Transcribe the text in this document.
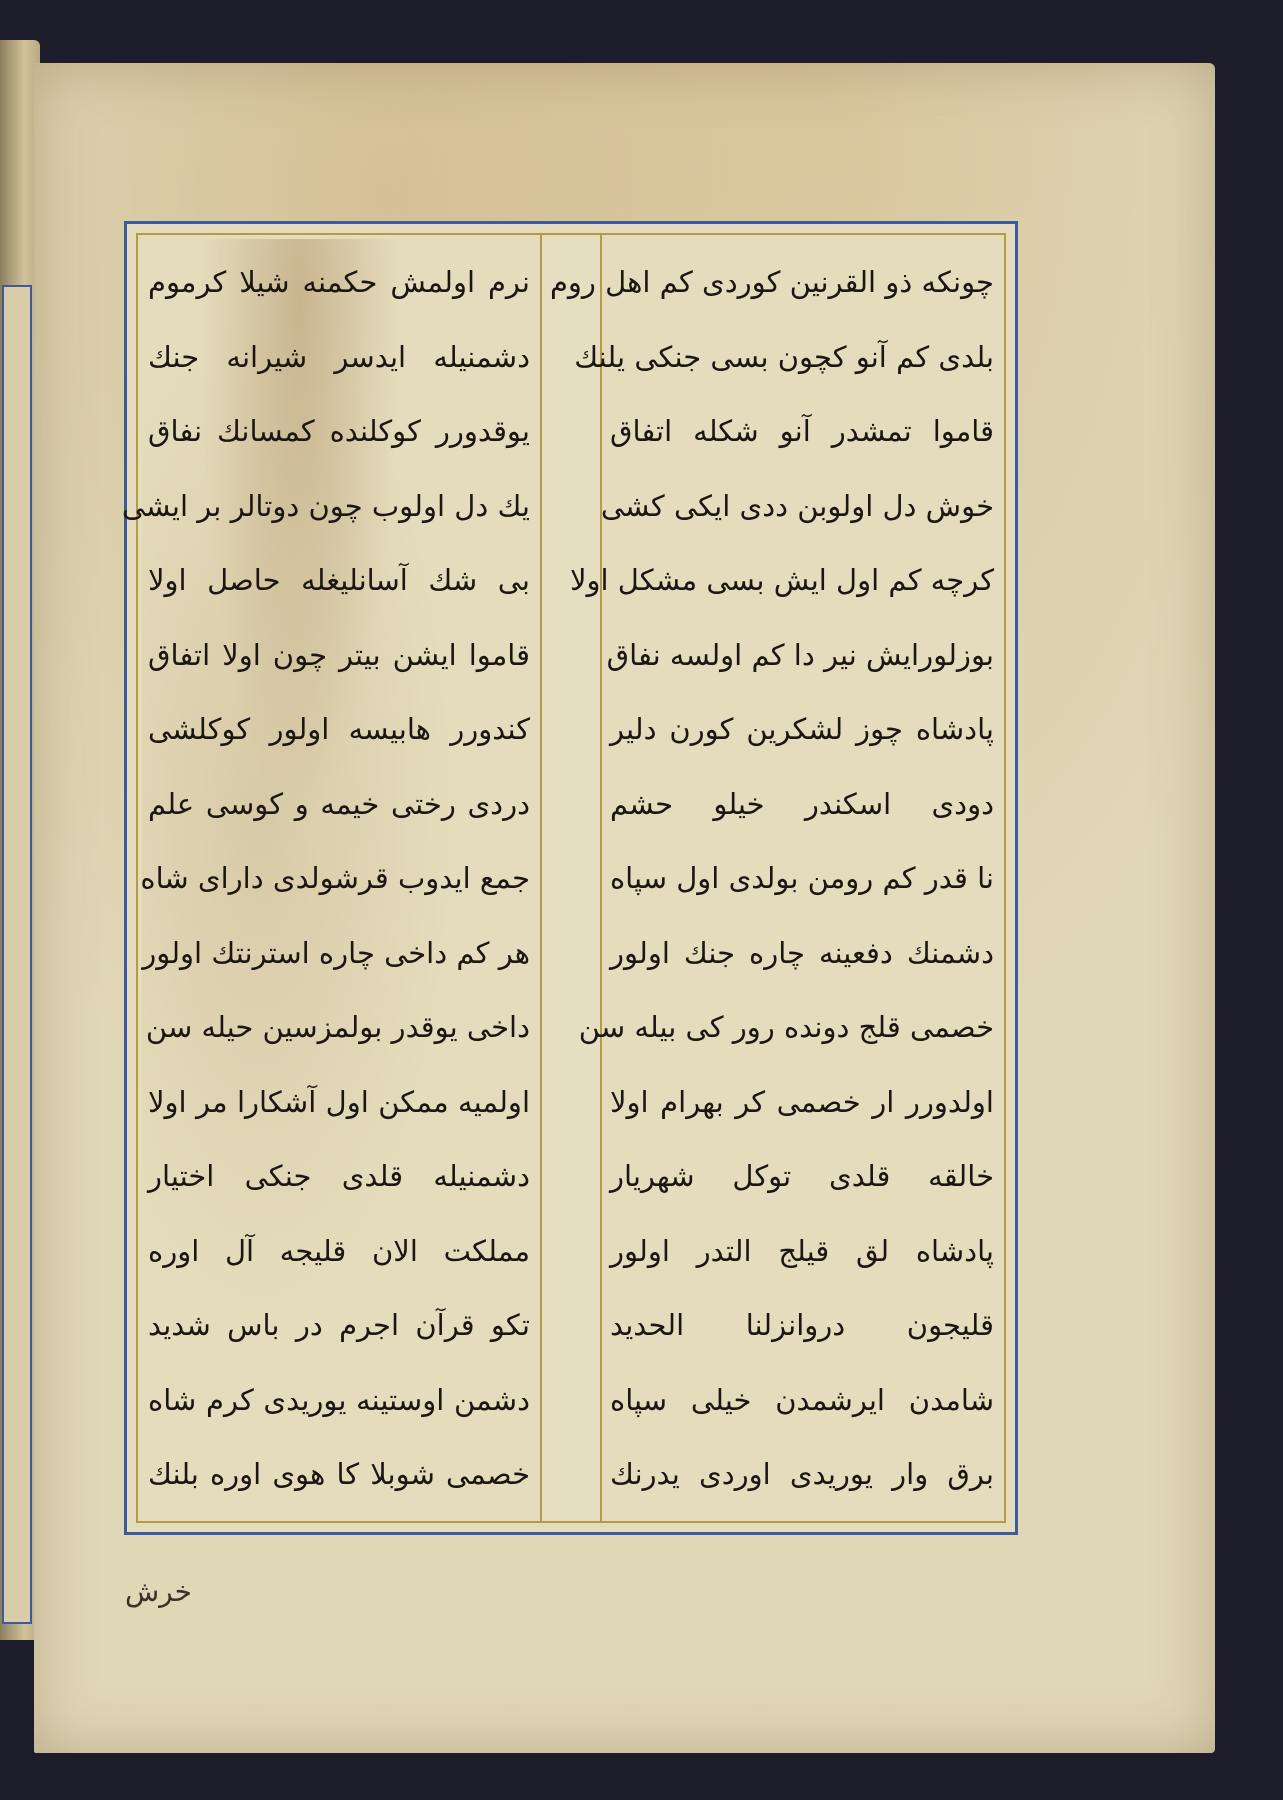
نرم اولمش حکمنه شیلا کرموم
دشمنیله ایدسر شیرانه جنك
یوقدورر کوکلنده کمسانك نفاق
یك دل اولوب چون دوتالر بر ایشی
بی شك آسانلیغله حاصل اولا
قاموا ایشن بیتر چون اولا اتفاق
کندورر هابیسه اولور کوکلشی
دردی رختی خیمه و کوسی علم
جمع ایدوب قرشولدی دارای شاه
هر کم داخی چاره استرنتك اولور
داخی یوقدر بولمزسین حیله سن
اولمیه ممکن اول آشکارا مر اولا
دشمنیله قلدی جنکی اختیار
مملکت الان قلیجه آل اوره
تکو قرآن اجرم در باس شدید
دشمن اوستینه یوریدی کرم شاه
خصمی شوبلا کا هوی اوره بلنك
چونکه ذو القرنین کوردی کم اهل روم
بلدی کم آنو کچون بسی جنکی یلنك
قاموا تمشدر آنو شکله اتفاق
خوش دل اولوبن ددی ایکی کشی
کرچه کم اول ایش بسی مشکل اولا
بوزلورایش نیر دا کم اولسه نفاق
پادشاه چوز لشکرین کورن دلیر
دودی اسکندر خیلو حشم
نا قدر کم رومن بولدی اول سپاه
دشمنك دفعینه چاره جنك اولور
خصمی قلج دونده رور کی بیله سن
اولدورر ار خصمی کر بهرام اولا
خالقه قلدی توکل شهریار
پادشاه لق قیلج التدر اولور
قلیجون دروانزلنا الحدید
شامدن ایرشمدن خیلی سپاه
برق وار یوریدی اوردی یدرنك
خرش
